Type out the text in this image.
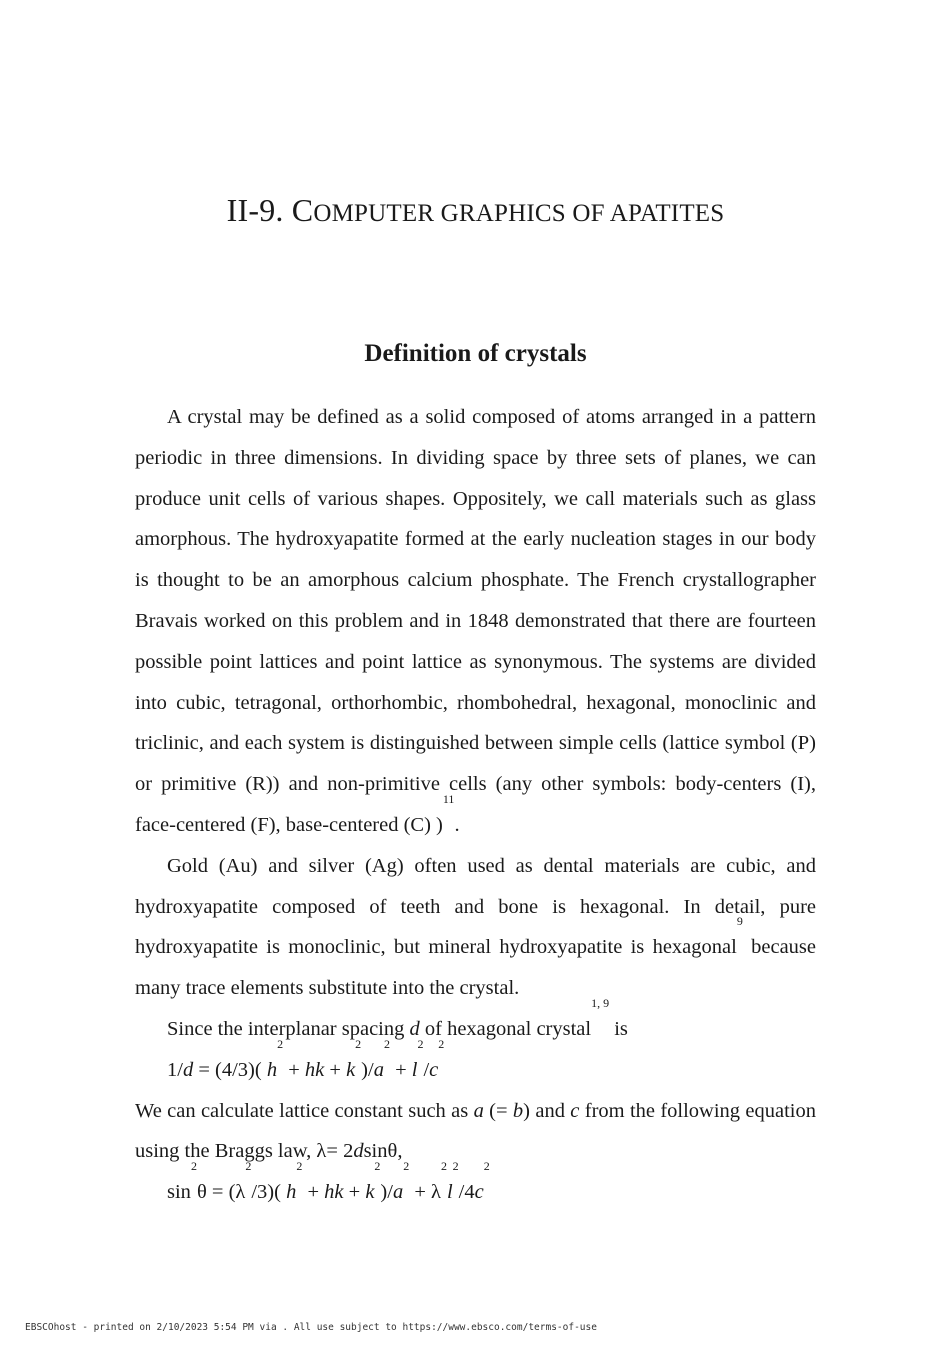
II-9. COMPUTER GRAPHICS OF APATITES
Definition of crystals

A crystal may be defined as a solid composed of atoms arranged in a pattern periodic in three dimensions. In dividing space by three sets of planes, we can produce unit cells of various shapes. Oppositely, we call materials such as glass amorphous. The hydroxyapatite formed at the early nucleation stages in our body is thought to be an amorphous calcium phosphate. The French crystallographer Bravais worked on this problem and in 1848 demonstrated that there are fourteen possible point lattices and point lattice as synonymous. The systems are divided into cubic, tetragonal, orthorhombic, rhombohedral, hexagonal, monoclinic and triclinic, and each system is distinguished between simple cells (lattice symbol (P) or primitive (R)) and non-primitive cells (any other symbols: body-centers (I), face-centered (F), base-centered (C) )$^{11}$.

Gold (Au) and silver (Ag) often used as dental materials are cubic, and hydroxyapatite composed of teeth and bone is hexagonal. In detail, pure hydroxyapatite is monoclinic, but mineral hydroxyapatite is hexagonal$^9$ because many trace elements substitute into the crystal.

Since the interplanar spacing d of hexagonal crystal$^{1, 9}$ is

1/d = (4/3)( $h^2$ + hk + $k^2)/a^2 + l^2/c^2$

We can calculate lattice constant such as a (= b) and c from the following equation using the Braggs law, λ= 2dsinθ,

$\sin^2\theta = (\lambda^2/3)$( $h^2$ + hk + $k^2)/a^2 + \lambda^2l^2/4c^2$

EBSCOhost - printed on 2/10/2023 5:54 PM via . All use subject to https://www.ebsco.com/terms-of-use
